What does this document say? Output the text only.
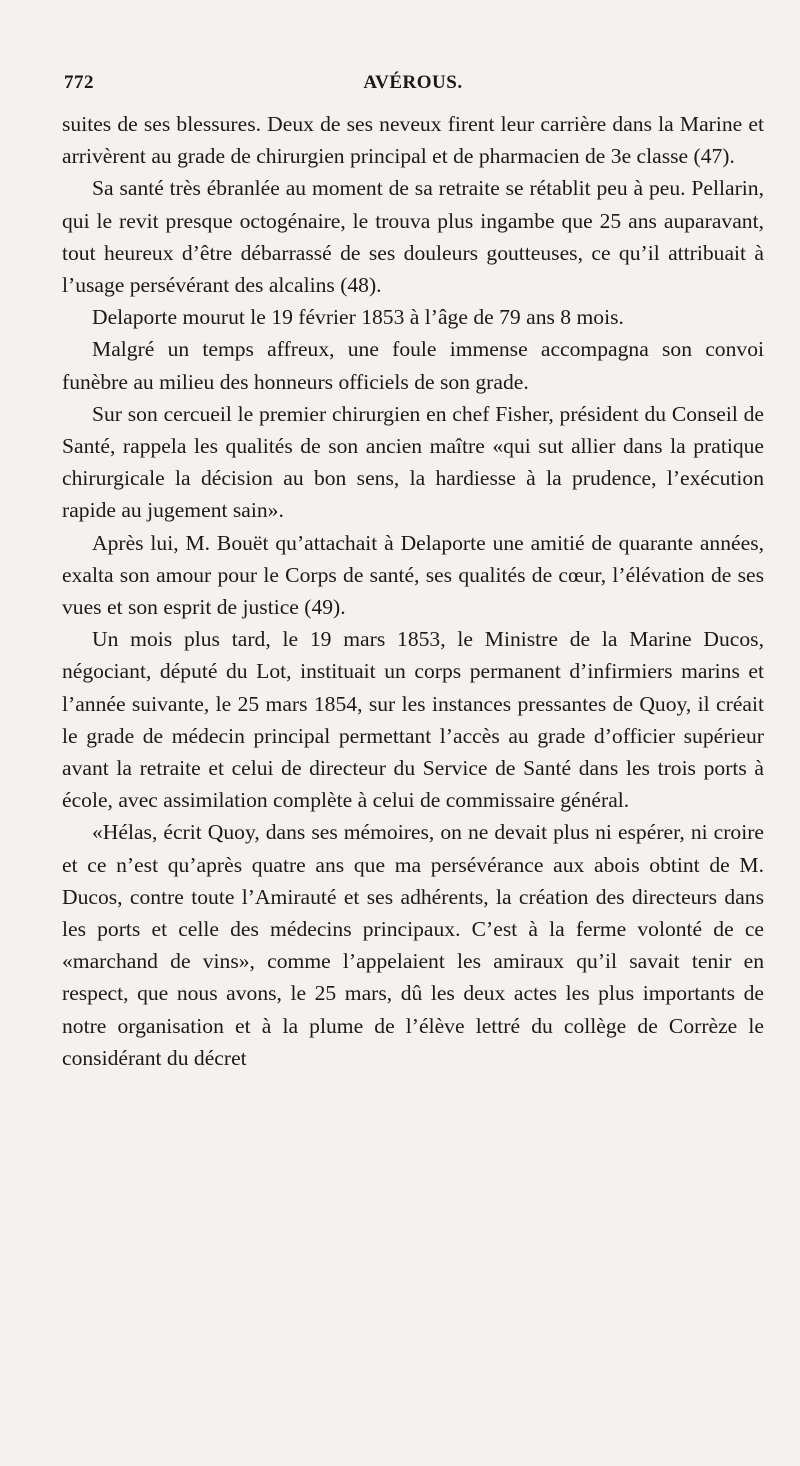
772	AVÉROUS.

suites de ses blessures. Deux de ses neveux firent leur carrière dans la Marine et arrivèrent au grade de chirurgien principal et de pharmacien de 3e classe (47).

Sa santé très ébranlée au moment de sa retraite se rétablit peu à peu. Pellarin, qui le revit presque octogénaire, le trouva plus ingambe que 25 ans auparavant, tout heureux d’être débarrassé de ses douleurs goutteuses, ce qu’il attribuait à l’usage persévérant des alcalins (48).

Delaporte mourut le 19 février 1853 à l’âge de 79 ans 8 mois.

Malgré un temps affreux, une foule immense accompagna son convoi funèbre au milieu des honneurs officiels de son grade.

Sur son cercueil le premier chirurgien en chef Fisher, président du Conseil de Santé, rappela les qualités de son ancien maître «qui sut allier dans la pratique chirurgicale la décision au bon sens, la hardiesse à la prudence, l’exécution rapide au jugement sain».

Après lui, M. Bouët qu’attachait à Delaporte une amitié de quarante années, exalta son amour pour le Corps de santé, ses qualités de cœur, l’élévation de ses vues et son esprit de justice (49).

Un mois plus tard, le 19 mars 1853, le Ministre de la Marine Ducos, négociant, député du Lot, instituait un corps permanent d’infirmiers marins et l’année suivante, le 25 mars 1854, sur les instances pressantes de Quoy, il créait le grade de médecin principal permettant l’accès au grade d’officier supérieur avant la retraite et celui de directeur du Service de Santé dans les trois ports à école, avec assimilation complète à celui de commissaire général.

«Hélas, écrit Quoy, dans ses mémoires, on ne devait plus ni espérer, ni croire et ce n’est qu’après quatre ans que ma persévérance aux abois obtint de M. Ducos, contre toute l’Amirauté et ses adhérents, la création des directeurs dans les ports et celle des médecins principaux. C’est à la ferme volonté de ce «marchand de vins», comme l’appelaient les amiraux qu’il savait tenir en respect, que nous avons, le 25 mars, dû les deux actes les plus importants de notre organisation et à la plume de l’élève lettré du collège de Corrèze le considérant du décret
